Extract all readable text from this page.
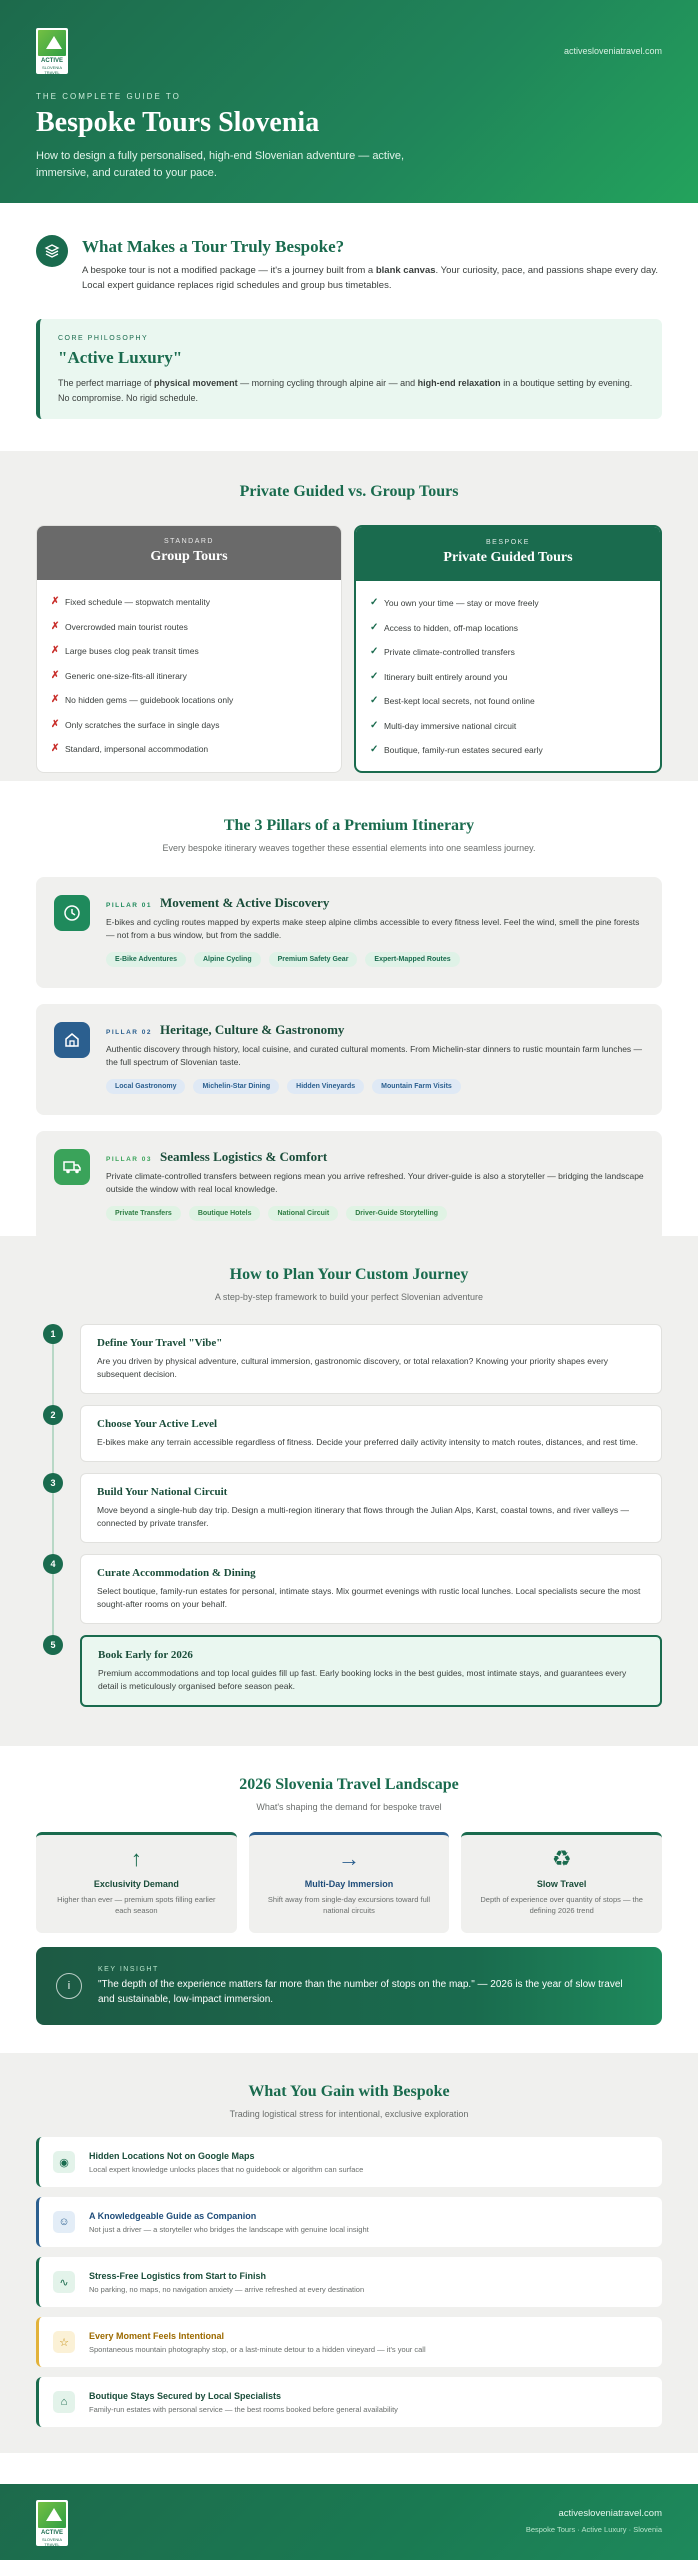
ACTIVE
SLOVENIA TRAVEL
activesloveniatravel.com
THE COMPLETE GUIDE TO
Bespoke Tours Slovenia

How to design a fully personalised, high-end Slovenian adventure — active, immersive, and curated to your pace.

What Makes a Tour Truly Bespoke?

A bespoke tour is not a modified package — it's a journey built from a blank canvas. Your curiosity, pace, and passions shape every day. Local expert guidance replaces rigid schedules and group bus timetables.

CORE PHILOSOPHY
"Active Luxury"

The perfect marriage of physical movement — morning cycling through alpine air — and high-end relaxation in a boutique setting by evening. No compromise. No rigid schedule.

Private Guided vs. Group Tours
STANDARD
Group Tours
✗ Fixed schedule — stopwatch mentality
✗ Overcrowded main tourist routes
✗ Large buses clog peak transit times
✗ Generic one-size-fits-all itinerary
✗ No hidden gems — guidebook locations only
✗ Only scratches the surface in single days
✗ Standard, impersonal accommodation
BESPOKE
Private Guided Tours
✓ You own your time — stay or move freely
✓ Access to hidden, off-map locations
✓ Private climate-controlled transfers
✓ Itinerary built entirely around you
✓ Best-kept local secrets, not found online
✓ Multi-day immersive national circuit
✓ Boutique, family-run estates secured early
The 3 Pillars of a Premium Itinerary
Every bespoke itinerary weaves together these essential elements into one seamless journey.
PILLAR 01 Movement & Active Discovery
E-bikes and cycling routes mapped by experts make steep alpine climbs accessible to every fitness level. Feel the wind, smell the pine forests — not from a bus window, but from the saddle.
E-Bike Adventures	Alpine Cycling	Premium Safety Gear	Expert-Mapped Routes
PILLAR 02 Heritage, Culture & Gastronomy
Authentic discovery through history, local cuisine, and curated cultural moments. From Michelin-star dinners to rustic mountain farm lunches — the full spectrum of Slovenian taste.
Local Gastronomy	Michelin-Star Dining	Hidden Vineyards	Mountain Farm Visits
PILLAR 03 Seamless Logistics & Comfort
Private climate-controlled transfers between regions mean you arrive refreshed. Your driver-guide is also a storyteller — bridging the landscape outside the window with real local knowledge.
Private Transfers	Boutique Hotels	National Circuit	Driver-Guide Storytelling
How to Plan Your Custom Journey
A step-by-step framework to build your perfect Slovenian adventure
1
Define Your Travel "Vibe"

Are you driven by physical adventure, cultural immersion, gastronomic discovery, or total relaxation? Knowing your priority shapes every subsequent decision.

2
Choose Your Active Level

E-bikes make any terrain accessible regardless of fitness. Decide your preferred daily activity intensity to match routes, distances, and rest time.

3
Build Your National Circuit

Move beyond a single-hub day trip. Design a multi-region itinerary that flows through the Julian Alps, Karst, coastal towns, and river valleys — connected by private transfer.

4
Curate Accommodation & Dining

Select boutique, family-run estates for personal, intimate stays. Mix gourmet evenings with rustic local lunches. Local specialists secure the most sought-after rooms on your behalf.

5
Book Early for 2026

Premium accommodations and top local guides fill up fast. Early booking locks in the best guides, most intimate stays, and guarantees every detail is meticulously organised before season peak.

2026 Slovenia Travel Landscape
What's shaping the demand for bespoke travel
↑
Exclusivity Demand

Higher than ever — premium spots filling earlier each season

→
Multi-Day Immersion

Shift away from single-day excursions toward full national circuits

♻
Slow Travel

Depth of experience over quantity of stops — the defining 2026 trend

i
KEY INSIGHT

"The depth of the experience matters far more than the number of stops on the map." — 2026 is the year of slow travel and sustainable, low-impact immersion.

What You Gain with Bespoke
Trading logistical stress for intentional, exclusive exploration
◉
Hidden Locations Not on Google Maps

Local expert knowledge unlocks places that no guidebook or algorithm can surface

☺
A Knowledgeable Guide as Companion

Not just a driver — a storyteller who bridges the landscape with genuine local insight

∿
Stress-Free Logistics from Start to Finish

No parking, no maps, no navigation anxiety — arrive refreshed at every destination

☆
Every Moment Feels Intentional

Spontaneous mountain photography stop, or a last-minute detour to a hidden vineyard — it's your call

⌂
Boutique Stays Secured by Local Specialists

Family-run estates with personal service — the best rooms booked before general availability

ACTIVE
SLOVENIA TRAVEL
activesloveniatravel.com
Bespoke Tours · Active Luxury · Slovenia
